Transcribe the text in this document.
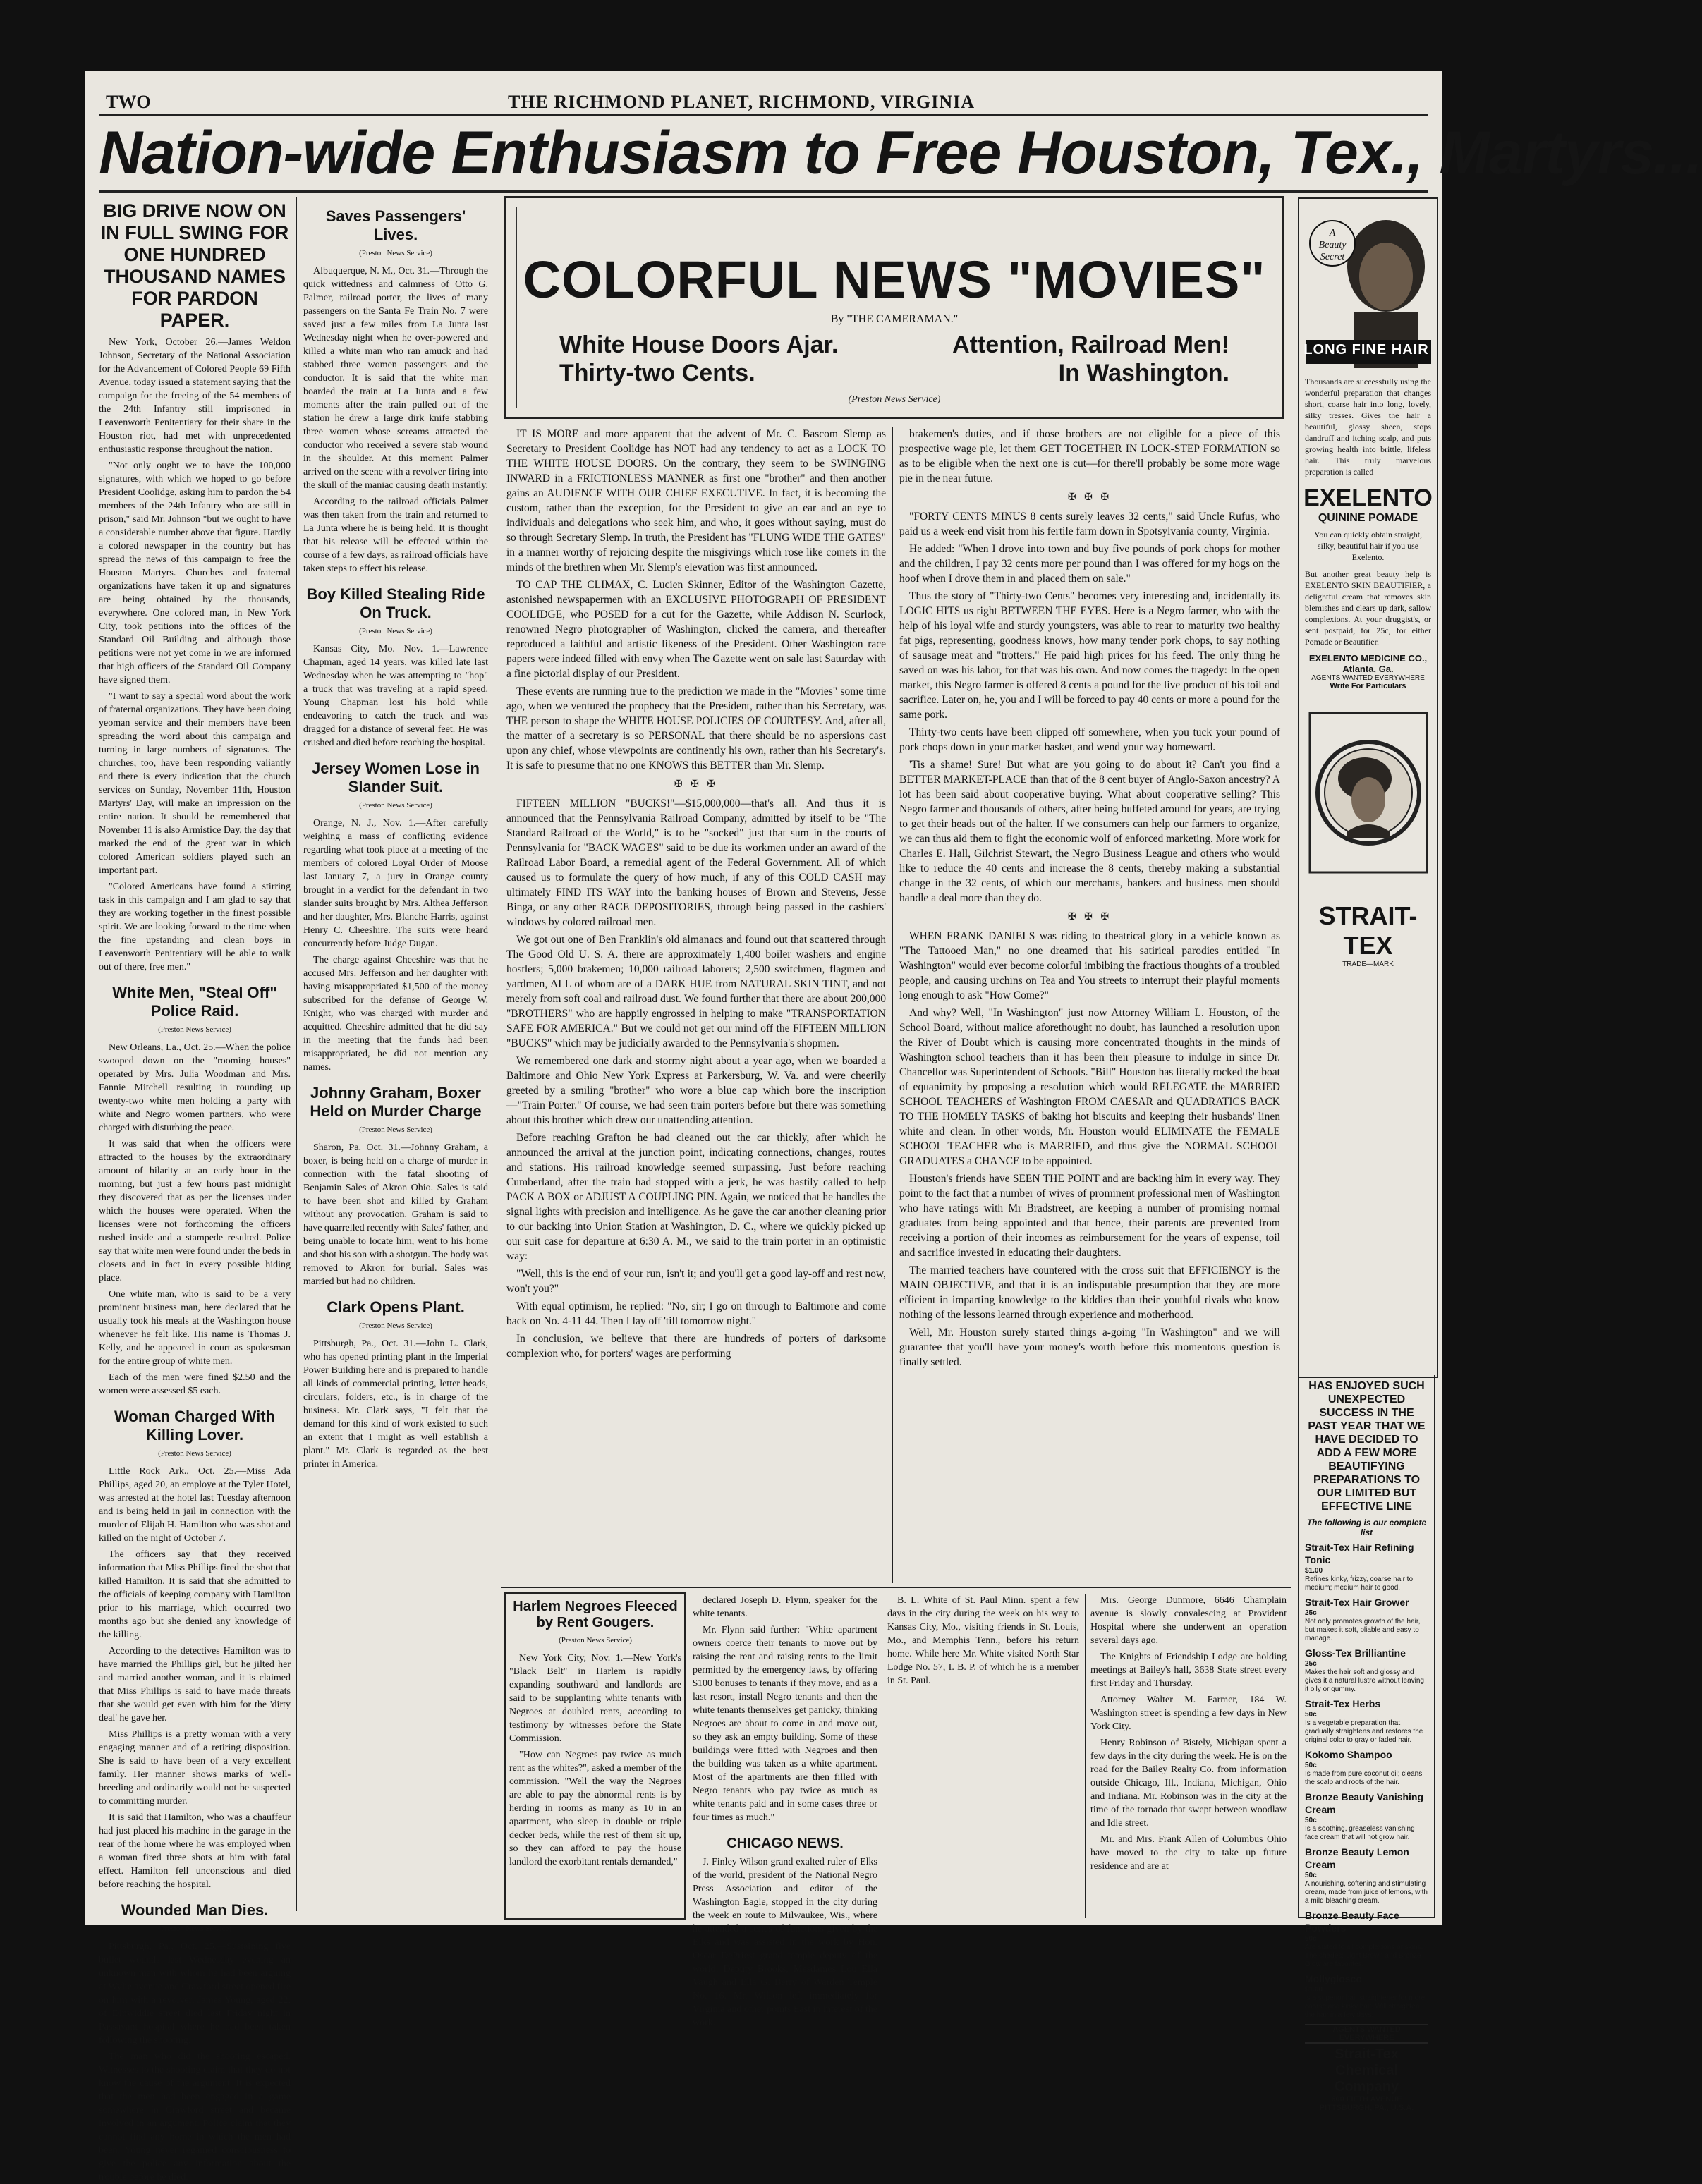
TWO	THE RICHMOND PLANET, RICHMOND, VIRGINIA
Nation-wide Enthusiasm to Free Houston, Tex., Martyrs...
BIG DRIVE NOW ON IN FULL SWING FOR ONE HUNDRED THOUSAND NAMES FOR PARDON PAPER.

New York, October 26.—James Weldon Johnson, Secretary of the National Association for the Advancement of Colored People 69 Fifth Avenue, today issued a statement saying that the campaign for the freeing of the 54 members of the 24th Infantry still imprisoned in Leavenworth Penitentiary for their share in the Houston riot, had met with unprecedented enthusiastic response throughout the nation.

"Not only ought we to have the 100,000 signatures, with which we hoped to go before President Coolidge, asking him to pardon the 54 members of the 24th Infantry who are still in prison," said Mr. Johnson "but we ought to have a considerable number above that figure. Hardly a colored newspaper in the country but has spread the news of this campaign to free the Houston Martyrs. Churches and fraternal organizations have taken it up and signatures are being obtained by the thousands, everywhere. One colored man, in New York City, took petitions into the offices of the Standard Oil Building and although those petitions were not yet come in we are informed that high officers of the Standard Oil Company have signed them.

"I want to say a special word about the work of fraternal organizations. They have been doing yeoman service and their members have been spreading the word about this campaign and turning in large numbers of signatures. The churches, too, have been responding valiantly and there is every indication that the church services on Sunday, November 11th, Houston Martyrs' Day, will make an impression on the entire nation. It should be remembered that November 11 is also Armistice Day, the day that marked the end of the great war in which colored American soldiers played such an important part.

"Colored Americans have found a stirring task in this campaign and I am glad to say that they are working together in the finest possible spirit. We are looking forward to the time when the fine upstanding and clean boys in Leavenworth Penitentiary will be able to walk out of there, free men."

White Men, "Steal Off" Police Raid.
(Preston News Service)

New Orleans, La., Oct. 25.—When the police swooped down on the "rooming houses" operated by Mrs. Julia Woodman and Mrs. Fannie Mitchell resulting in rounding up twenty-two white men holding a party with white and Negro women partners, who were charged with disturbing the peace.

It was said that when the officers were attracted to the houses by the extraordinary amount of hilarity at an early hour in the morning, but just a few hours past midnight they discovered that as per the licenses under which the houses were operated. When the licenses were not forthcoming the officers rushed inside and a stampede resulted. Police say that white men were found under the beds in closets and in fact in every possible hiding place.

One white man, who is said to be a very prominent business man, here declared that he usually took his meals at the Washington house whenever he felt like. His name is Thomas J. Kelly, and he appeared in court as spokesman for the entire group of white men.

Each of the men were fined $2.50 and the women were assessed $5 each.

Woman Charged With Killing Lover.
(Preston News Service)

Little Rock Ark., Oct. 25.—Miss Ada Phillips, aged 20, an employe at the Tyler Hotel, was arrested at the hotel last Tuesday afternoon and is being held in jail in connection with the murder of Elijah H. Hamilton who was shot and killed on the night of October 7.

The officers say that they received information that Miss Phillips fired the shot that killed Hamilton. It is said that she admitted to the officials of keeping company with Hamilton prior to his marriage, which occurred two months ago but she denied any knowledge of the killing.

According to the detectives Hamilton was to have married the Phillips girl, but he jilted her and married another woman, and it is claimed that Miss Phillips is said to have made threats that she would get even with him for the 'dirty deal' he gave her.

Miss Phillips is a pretty woman with a very engaging manner and of a retiring disposition. She is said to have been of a very excellent family. Her manner shows marks of well-breeding and ordinarily would not be suspected to committing murder.

It is said that Hamilton, who was a chauffeur had just placed his machine in the garage in the rear of the home where he was employed when a woman fired three shots at him with fatal effect. Hamilton fell unconscious and died before reaching the hospital.

Wounded Man Dies.
(Preston News Service)

Pittsburgh, Pa., Oct. 25.—Sustaining five bullet wounds last Wednesday evening an unknown man with whom he had been arguing at Wylie avenue and Crawford street opened fire on him with a revolver, James Young, aged 22, of Dinwiddie street died last Friday night in Passavant hospital where he had been taken following the shooting.

The man who did the shooting escaped. Witnesses to the shooting claim that they do not know the cause of the argument. It is expected that the men had been engaged in a game somewhere in Crawford street and became involved in an argument. Police claim that they cannot find any home in which the men had been. Young never regained consciousness to give the police any information about the trouble before he died.

Saves Passengers' Lives.
(Preston News Service)

Albuquerque, N. M., Oct. 31.—Through the quick wittedness and calmness of Otto G. Palmer, railroad porter, the lives of many passengers on the Santa Fe Train No. 7 were saved just a few miles from La Junta last Wednesday night when he over-powered and killed a white man who ran amuck and had stabbed three women passengers and the conductor. It is said that the white man boarded the train at La Junta and a few moments after the train pulled out of the station he drew a large dirk knife stabbing three women whose screams attracted the conductor who received a severe stab wound in the shoulder. At this moment Palmer arrived on the scene with a revolver firing into the skull of the maniac causing death instantly.

According to the railroad officials Palmer was then taken from the train and returned to La Junta where he is being held. It is thought that his release will be effected within the course of a few days, as railroad officials have taken steps to effect his release.

Boy Killed Stealing Ride On Truck.
(Preston News Service)

Kansas City, Mo. Nov. 1.—Lawrence Chapman, aged 14 years, was killed late last Wednesday when he was attempting to "hop" a truck that was traveling at a rapid speed. Young Chapman lost his hold while endeavoring to catch the truck and was dragged for a distance of several feet. He was crushed and died before reaching the hospital.

Jersey Women Lose in Slander Suit.
(Preston News Service)

Orange, N. J., Nov. 1.—After carefully weighing a mass of conflicting evidence regarding what took place at a meeting of the members of colored Loyal Order of Moose last January 7, a jury in Orange county brought in a verdict for the defendant in two slander suits brought by Mrs. Althea Jefferson and her daughter, Mrs. Blanche Harris, against Henry C. Cheeshire. The suits were heard concurrently before Judge Dugan.

The charge against Cheeshire was that he accused Mrs. Jefferson and her daughter with having misappropriated $1,500 of the money subscribed for the defense of George W. Knight, who was charged with murder and acquitted. Cheeshire admitted that he did say in the meeting that the funds had been misappropriated, he did not mention any names.

Johnny Graham, Boxer Held on Murder Charge
(Preston News Service)

Sharon, Pa. Oct. 31.—Johnny Graham, a boxer, is being held on a charge of murder in connection with the fatal shooting of Benjamin Sales of Akron Ohio. Sales is said to have been shot and killed by Graham without any provocation. Graham is said to have quarrelled recently with Sales' father, and being unable to locate him, went to his home and shot his son with a shotgun. The body was removed to Akron for burial. Sales was married but had no children.

Clark Opens Plant.
(Preston News Service)

Pittsburgh, Pa., Oct. 31.—John L. Clark, who has opened printing plant in the Imperial Power Building here and is prepared to handle all kinds of commercial printing, letter heads, circulars, folders, etc., is in charge of the business. Mr. Clark says, "I felt that the demand for this kind of work existed to such an extent that I might as well establish a plant." Mr. Clark is regarded as the best printer in America.

COLORFUL NEWS "MOVIES"
By "THE CAMERAMAN."
White House Doors Ajar.
Thirty-two Cents.
Attention, Railroad Men!
In Washington.
(Preston News Service)

IT IS MORE and more apparent that the advent of Mr. C. Bascom Slemp as Secretary to President Coolidge has NOT had any tendency to act as a LOCK TO THE WHITE HOUSE DOORS. On the contrary, they seem to be SWINGING INWARD in a FRICTIONLESS MANNER as first one "brother" and then another gains an AUDIENCE WITH OUR CHIEF EXECUTIVE. In fact, it is becoming the custom, rather than the exception, for the President to give an ear and an eye to individuals and delegations who seek him, and who, it goes without saying, must do so through Secretary Slemp. In truth, the President has "FLUNG WIDE THE GATES" in a manner worthy of rejoicing despite the misgivings which rose like comets in the minds of the brethren when Mr. Slemp's elevation was first announced.

TO CAP THE CLIMAX, C. Lucien Skinner, Editor of the Washington Gazette, astonished newspapermen with an EXCLUSIVE PHOTOGRAPH OF PRESIDENT COOLIDGE, who POSED for a cut for the Gazette, while Addison N. Scurlock, renowned Negro photographer of Washington, clicked the camera, and thereafter reproduced a faithful and artistic likeness of the President. Other Washington race papers were indeed filled with envy when The Gazette went on sale last Saturday with a fine pictorial display of our President.

These events are running true to the prediction we made in the "Movies" some time ago, when we ventured the prophecy that the President, rather than his Secretary, was THE person to shape the WHITE HOUSE POLICIES OF COURTESY. And, after all, the matter of a secretary is so PERSONAL that there should be no aspersions cast upon any chief, whose viewpoints are continently his own, rather than his Secretary's. It is safe to presume that no one KNOWS this BETTER than Mr. Slemp.

✠ ✠ ✠

FIFTEEN MILLION "BUCKS!"—$15,000,000—that's all. And thus it is announced that the Pennsylvania Railroad Company, admitted by itself to be "The Standard Railroad of the World," is to be "socked" just that sum in the courts of Pennsylvania for "BACK WAGES" said to be due its workmen under an award of the Railroad Labor Board, a remedial agent of the Federal Government. All of which caused us to formulate the query of how much, if any of this COLD CASH may ultimately FIND ITS WAY into the banking houses of Brown and Stevens, Jesse Binga, or any other RACE DEPOSITORIES, through being passed in the cashiers' windows by colored railroad men.

We got out one of Ben Franklin's old almanacs and found out that scattered through The Good Old U. S. A. there are approximately 1,400 boiler washers and engine hostlers; 5,000 brakemen; 10,000 railroad laborers; 2,500 switchmen, flagmen and yardmen, ALL of whom are of a DARK HUE from NATURAL SKIN TINT, and not merely from soft coal and railroad dust. We found further that there are about 200,000 "BROTHERS" who are happily engrossed in helping to make "TRANSPORTATION SAFE FOR AMERICA." But we could not get our mind off the FIFTEEN MILLION "BUCKS" which may be judicially awarded to the Pennsylvania's shopmen.

We remembered one dark and stormy night about a year ago, when we boarded a Baltimore and Ohio New York Express at Parkersburg, W. Va. and were cheerily greeted by a smiling "brother" who wore a blue cap which bore the inscription—"Train Porter." Of course, we had seen train porters before but there was something about this brother which drew our unattending attention.

Before reaching Grafton he had cleaned out the car thickly, after which he announced the arrival at the junction point, indicating connections, changes, routes and stations. His railroad knowledge seemed surpassing. Just before reaching Cumberland, after the train had stopped with a jerk, he was hastily called to help PACK A BOX or ADJUST A COUPLING PIN. Again, we noticed that he handles the signal lights with precision and intelligence. As he gave the car another cleaning prior to our backing into Union Station at Washington, D. C., where we quickly picked up our suit case for departure at 6:30 A. M., we said to the train porter in an optimistic way:

"Well, this is the end of your run, isn't it; and you'll get a good lay-off and rest now, won't you?"

With equal optimism, he replied: "No, sir; I go on through to Baltimore and come back on No. 4-11 44. Then I lay off 'till tomorrow night."

In conclusion, we believe that there are hundreds of porters of darksome complexion who, for porters' wages are performing

brakemen's duties, and if those brothers are not eligible for a piece of this prospective wage pie, let them GET TOGETHER IN LOCK-STEP FORMATION so as to be eligible when the next one is cut—for there'll probably be some more wage pie in the near future.

✠ ✠ ✠

"FORTY CENTS MINUS 8 cents surely leaves 32 cents," said Uncle Rufus, who paid us a week-end visit from his fertile farm down in Spotsylvania county, Virginia.

He added: "When I drove into town and buy five pounds of pork chops for mother and the children, I pay 32 cents more per pound than I was offered for my hogs on the hoof when I drove them in and placed them on sale."

Thus the story of "Thirty-two Cents" becomes very interesting and, incidentally its LOGIC HITS us right BETWEEN THE EYES. Here is a Negro farmer, who with the help of his loyal wife and sturdy youngsters, was able to rear to maturity two healthy fat pigs, representing, goodness knows, how many tender pork chops, to say nothing of sausage meat and "trotters." He paid high prices for his feed. The only thing he saved on was his labor, for that was his own. And now comes the tragedy: In the open market, this Negro farmer is offered 8 cents a pound for the live product of his toil and sacrifice. Later on, he, you and I will be forced to pay 40 cents or more a pound for the same pork.

Thirty-two cents have been clipped off somewhere, when you tuck your pound of pork chops down in your market basket, and wend your way homeward.

'Tis a shame! Sure! But what are you going to do about it? Can't you find a BETTER MARKET-PLACE than that of the 8 cent buyer of Anglo-Saxon ancestry? A lot has been said about cooperative buying. What about cooperative selling? This Negro farmer and thousands of others, after being buffeted around for years, are trying to get their heads out of the halter. If we consumers can help our farmers to organize, we can thus aid them to fight the economic wolf of enforced marketing. More work for Charles E. Hall, Gilchrist Stewart, the Negro Business League and others who would like to reduce the 40 cents and increase the 8 cents, thereby making a substantial change in the 32 cents, of which our merchants, bankers and business men should handle a deal more than they do.

✠ ✠ ✠

WHEN FRANK DANIELS was riding to theatrical glory in a vehicle known as "The Tattooed Man," no one dreamed that his satirical parodies entitled "In Washington" would ever become colorful imbibing the fractious thoughts of a troubled people, and causing urchins on Tea and You streets to interrupt their playful moments long enough to ask "How Come?"

And why? Well, "In Washington" just now Attorney William L. Houston, of the School Board, without malice aforethought no doubt, has launched a resolution upon the River of Doubt which is causing more concentrated thoughts in the minds of Washington school teachers than it has been their pleasure to indulge in since Dr. Chancellor was Superintendent of Schools. "Bill" Houston has literally rocked the boat of equanimity by proposing a resolution which would RELEGATE the MARRIED SCHOOL TEACHERS of Washington FROM CAESAR and QUADRATICS BACK TO THE HOMELY TASKS of baking hot biscuits and keeping their husbands' linen white and clean. In other words, Mr. Houston would ELIMINATE the FEMALE SCHOOL TEACHER who is MARRIED, and thus give the NORMAL SCHOOL GRADUATES a CHANCE to be appointed.

Houston's friends have SEEN THE POINT and are backing him in every way. They point to the fact that a number of wives of prominent professional men of Washington who have ratings with Mr Bradstreet, are keeping a number of promising normal graduates from being appointed and that hence, their parents are prevented from receiving a portion of their incomes as reimbursement for the years of expense, toil and sacrifice invested in educating their daughters.

The married teachers have countered with the cross suit that EFFICIENCY is the MAIN OBJECTIVE, and that it is an indisputable presumption that they are more efficient in imparting knowledge to the kiddies than their youthful rivals who know nothing of the lessons learned through experience and motherhood.

Well, Mr. Houston surely started things a-going "In Washington" and we will guarantee that you'll have your money's worth before this momentous question is finally settled.

Harlem Negroes Fleeced by Rent Gougers.
(Preston News Service)

New York City, Nov. 1.—New York's "Black Belt" in Harlem is rapidly expanding southward and landlords are said to be supplanting white tenants with Negroes at doubled rents, according to testimony by witnesses before the State Commission.

"How can Negroes pay twice as much rent as the whites?", asked a member of the commission. "Well the way the Negroes are able to pay the abnormal rents is by herding in rooms as many as 10 in an apartment, who sleep in double or triple decker beds, while the rest of them sit up, so they can afford to pay the house landlord the exorbitant rentals demanded,"

declared Joseph D. Flynn, speaker for the white tenants.

Mr. Flynn said further: "White apartment owners coerce their tenants to move out by raising the rent and raising rents to the limit permitted by the emergency laws, by offering $100 bonuses to tenants if they move, and as a last resort, install Negro tenants and then the white tenants themselves get panicky, thinking Negroes are about to come in and move out, so they ask an empty building. Some of these buildings were fitted with Negroes and then the building was taken as a white apartment. Most of the apartments are then filled with Negro tenants who pay twice as much as white tenants paid and in some cases three or four times as much."

CHICAGO NEWS.

J. Finley Wilson grand exalted ruler of Elks of the world, president of the National Negro Press Association and editor of the Washington Eagle, stopped in the city during the week en route to Milwaukee, Wis., where he attended a series of functions given by the Elks and was assisted in the work by Hon. Oscar DePriest grand temple deputy of the world; Deputy Brooks; Mesdames Lou Ella Vaugh and Ella G. Berry of Warden Temple No. 16. Mr. Wilson left immediately for Virginia and other points East in interest of the work.

B. L. White of St. Paul Minn. spent a few days in the city during the week on his way to Kansas City, Mo., visiting friends in St. Louis, Mo., and Memphis Tenn., before his return home. While here Mr. White visited North Star Lodge No. 57, I. B. P. of which he is a member in St. Paul.

Mrs. George Dunmore, 6646 Champlain avenue is slowly convalescing at Provident Hospital where she underwent an operation several days ago.

The Knights of Friendship Lodge are holding meetings at Bailey's hall, 3638 State street every first Friday and Thursday.

Attorney Walter M. Farmer, 184 W. Washington street is spending a few days in New York City.

Henry Robinson of Bistely, Michigan spent a few days in the city during the week. He is on the road for the Bailey Realty Co. from information outside Chicago, Ill., Indiana, Michigan, Ohio and Indiana. Mr. Robinson was in the city at the time of the tornado that swept between woodlaw and Idle street.

Mr. and Mrs. Frank Allen of Columbus Ohio have moved to the city to take up future residence and are at

A
Beauty
Secret
LONG FINE HAIR
Thousands are successfully using the wonderful preparation that changes short, coarse hair into long, lovely, silky tresses. Gives the hair a beautiful, glossy sheen, stops dandruff and itching scalp, and puts growing health into brittle, lifeless hair. This truly marvelous preparation is called
EXELENTO
QUININE POMADE
You can quickly obtain straight, silky, beautiful hair if you use Exelento.
But another great beauty help is EXELENTO SKIN BEAUTIFIER, a delightful cream that removes skin blemishes and clears up dark, sallow complexions. At your druggist's, or sent postpaid, for 25c, for either Pomade or Beautifier.
EXELENTO MEDICINE CO., Atlanta, Ga.
AGENTS WANTED EVERYWHERE
Write For Particulars
STRAIT-TEX
TRADE—MARK
HAS ENJOYED SUCH UNEXPECTED SUCCESS IN THE PAST YEAR THAT WE HAVE DECIDED TO ADD A FEW MORE BEAUTIFYING PREPARATIONS TO OUR LIMITED BUT EFFECTIVE LINE
The following is our complete list
Strait-Tex Hair Refining Tonic
$1.00
Refines kinky, frizzy, coarse hair to medium; medium hair to good.
Strait-Tex Hair Grower
25c
Not only promotes growth of the hair, but makes it soft, pliable and easy to manage.
Gloss-Tex Brilliantine
25c
Makes the hair soft and glossy and gives it a natural lustre without leaving it oily or gummy.
Strait-Tex Herbs
50c
Is a vegetable preparation that gradually straightens and restores the original color to gray or faded hair.
Kokomo Shampoo
50c
Is made from pure coconut oil; cleans the scalp and roots of the hair.
Bronze Beauty Vanishing Cream
50c
Is a soothing, greaseless vanishing face cream that will not grow hair.
Bronze Beauty Lemon Cream
50c
A nourishing, softening and stimulating cream, made from juice of lemons, with a mild bleaching cream.
Bronze Beauty Face Powders
50c
Are suited to all complexions or skins. The shades: Light Brown and Bronze Glow are favorites.
Mollyglosco
$1.00
Is a superior hair straightener for more coarse and kinky hair. Will straighten the hair in a few days.
AGENTS WANTED EVERYWHERE
Strait-Tex
Chemical Company
600 FIFTH AVENUE
PITTSBURGH, PA., U.S.A.
